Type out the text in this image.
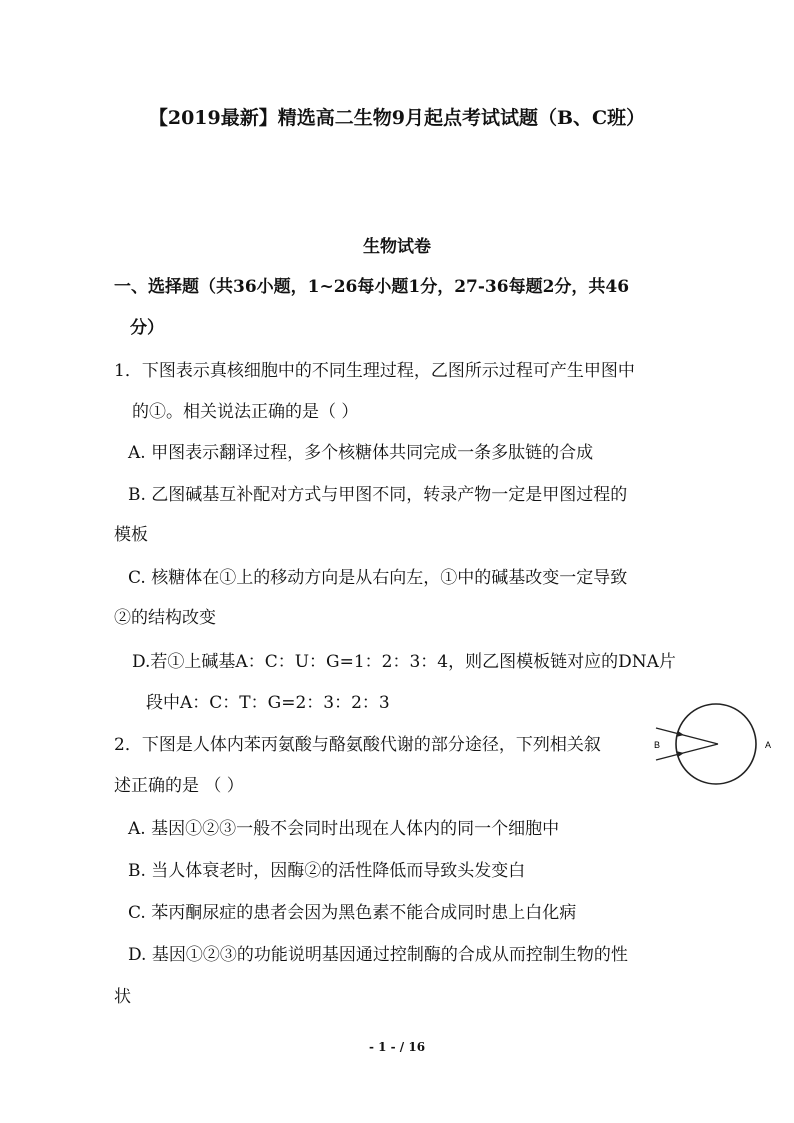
【2019最新】精选高二生物9月起点考试试题（B、C班）
生物试卷
一、选择题（共36小题，1~26每小题1分，27-36每题2分，共46
分）
1．下图表示真核细胞中的不同生理过程，乙图所示过程可产生甲图中
的①。相关说法正确的是（ ）
A. 甲图表示翻译过程，多个核糖体共同完成一条多肽链的合成
B. 乙图碱基互补配对方式与甲图不同，转录产物一定是甲图过程的
模板
C. 核糖体在①上的移动方向是从右向左，①中的碱基改变一定导致
②的结构改变
D.若①上碱基A：C：U：G=1：2：3：4，则乙图模板链对应的DNA片
段中A：C：T：G=2：3：2：3
2．下图是人体内苯丙氨酸与酪氨酸代谢的部分途径，下列相关叙
述正确的是 （ ）
A. 基因①②③一般不会同时出现在人体内的同一个细胞中
B. 当人体衰老时，因酶②的活性降低而导致头发变白
C. 苯丙酮尿症的患者会因为黑色素不能合成同时患上白化病
D. 基因①②③的功能说明基因通过控制酶的合成从而控制生物的性
状
B	A
- 1 - / 16
